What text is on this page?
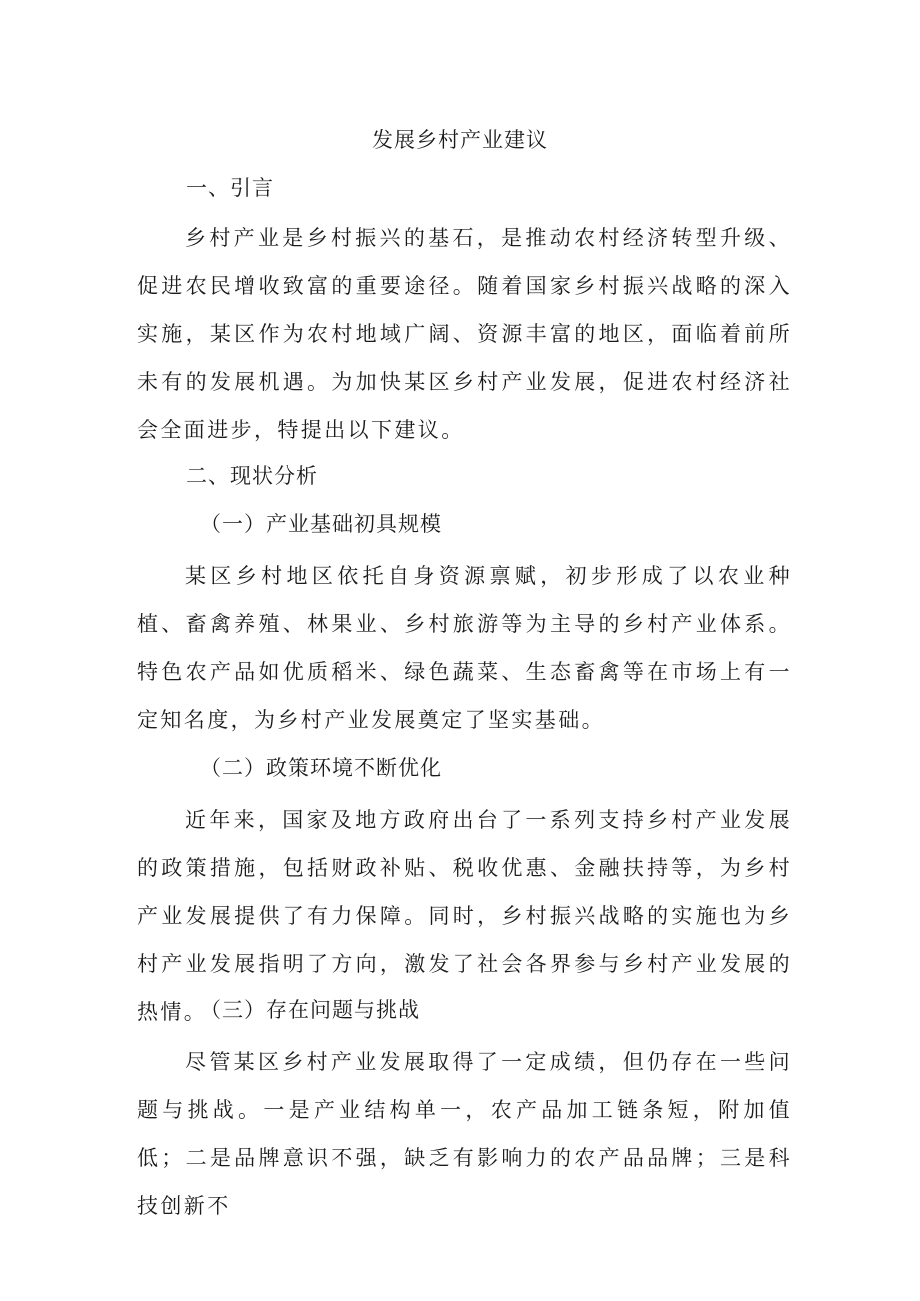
发展乡村产业建议
一、引言

乡村产业是乡村振兴的基石，是推动农村经济转型升级、促进农民增收致富的重要途径。随着国家乡村振兴战略的深入实施，某区作为农村地域广阔、资源丰富的地区，面临着前所未有的发展机遇。为加快某区乡村产业发展，促进农村经济社会全面进步，特提出以下建议。

二、现状分析
（一）产业基础初具规模

某区乡村地区依托自身资源禀赋，初步形成了以农业种植、畜禽养殖、林果业、乡村旅游等为主导的乡村产业体系。特色农产品如优质稻米、绿色蔬菜、生态畜禽等在市场上有一定知名度，为乡村产业发展奠定了坚实基础。

（二）政策环境不断优化

近年来，国家及地方政府出台了一系列支持乡村产业发展的政策措施，包括财政补贴、税收优惠、金融扶持等，为乡村产业发展提供了有力保障。同时，乡村振兴战略的实施也为乡村产业发展指明了方向，激发了社会各界参与乡村产业发展的热情。

（三）存在问题与挑战

尽管某区乡村产业发展取得了一定成绩，但仍存在一些问题与挑战。一是产业结构单一，农产品加工链条短，附加值低；二是品牌意识不强，缺乏有影响力的农产品品牌；三是科技创新不
